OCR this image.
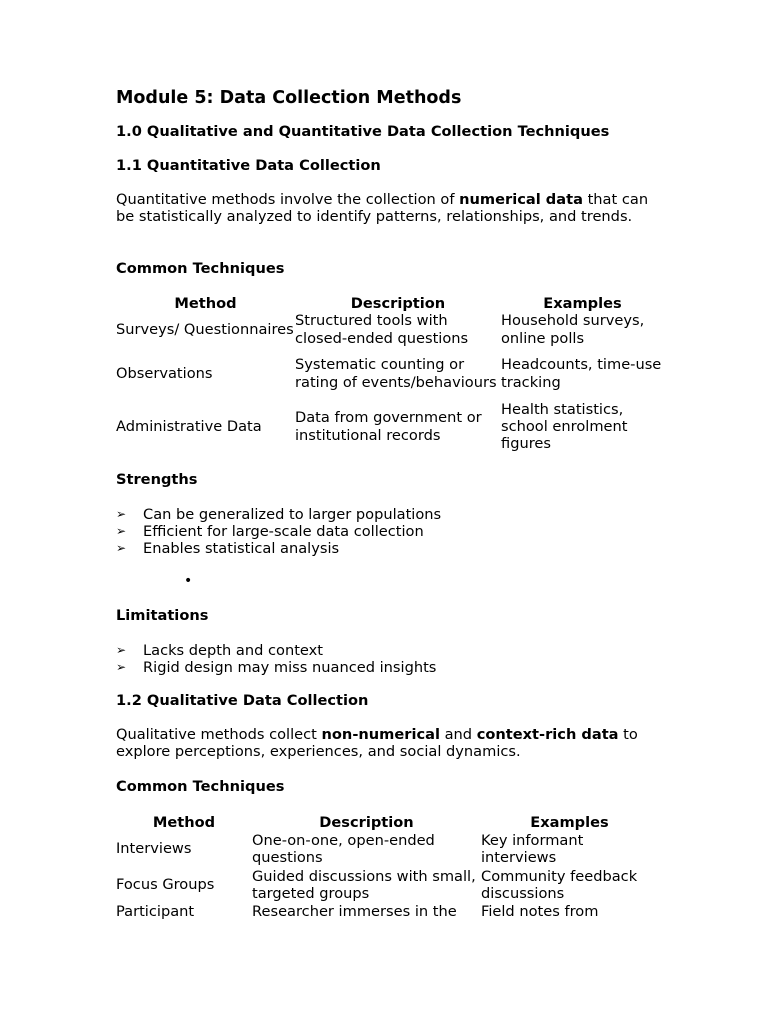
Module 5: Data Collection Methods
1.0 Qualitative and Quantitative Data Collection Techniques
1.1 Quantitative Data Collection

Quantitative methods involve the collection of numerical data that can be statistically analyzed to identify patterns, relationships, and trends.

Common Techniques
Method	Description	Examples
Surveys/ Questionnaires	Structured tools with closed-ended questions	Household surveys, online polls
Observations	Systematic counting or rating of events/behaviours	Headcounts, time-use tracking
Administrative Data	Data from government or institutional records	Health statistics, school enrolment figures
Strengths
➢ Can be generalized to larger populations
➢ Efficient for large-scale data collection
➢ Enables statistical analysis
•
Limitations
➢ Lacks depth and context
➢ Rigid design may miss nuanced insights
1.2 Qualitative Data Collection

Qualitative methods collect non-numerical and context-rich data to explore perceptions, experiences, and social dynamics.

Common Techniques
Method	Description	Examples
Interviews	One-on-one, open-ended questions	Key informant interviews
Focus Groups	Guided discussions with small, targeted groups	Community feedback discussions
Participant	Researcher immerses in the	Field notes from
